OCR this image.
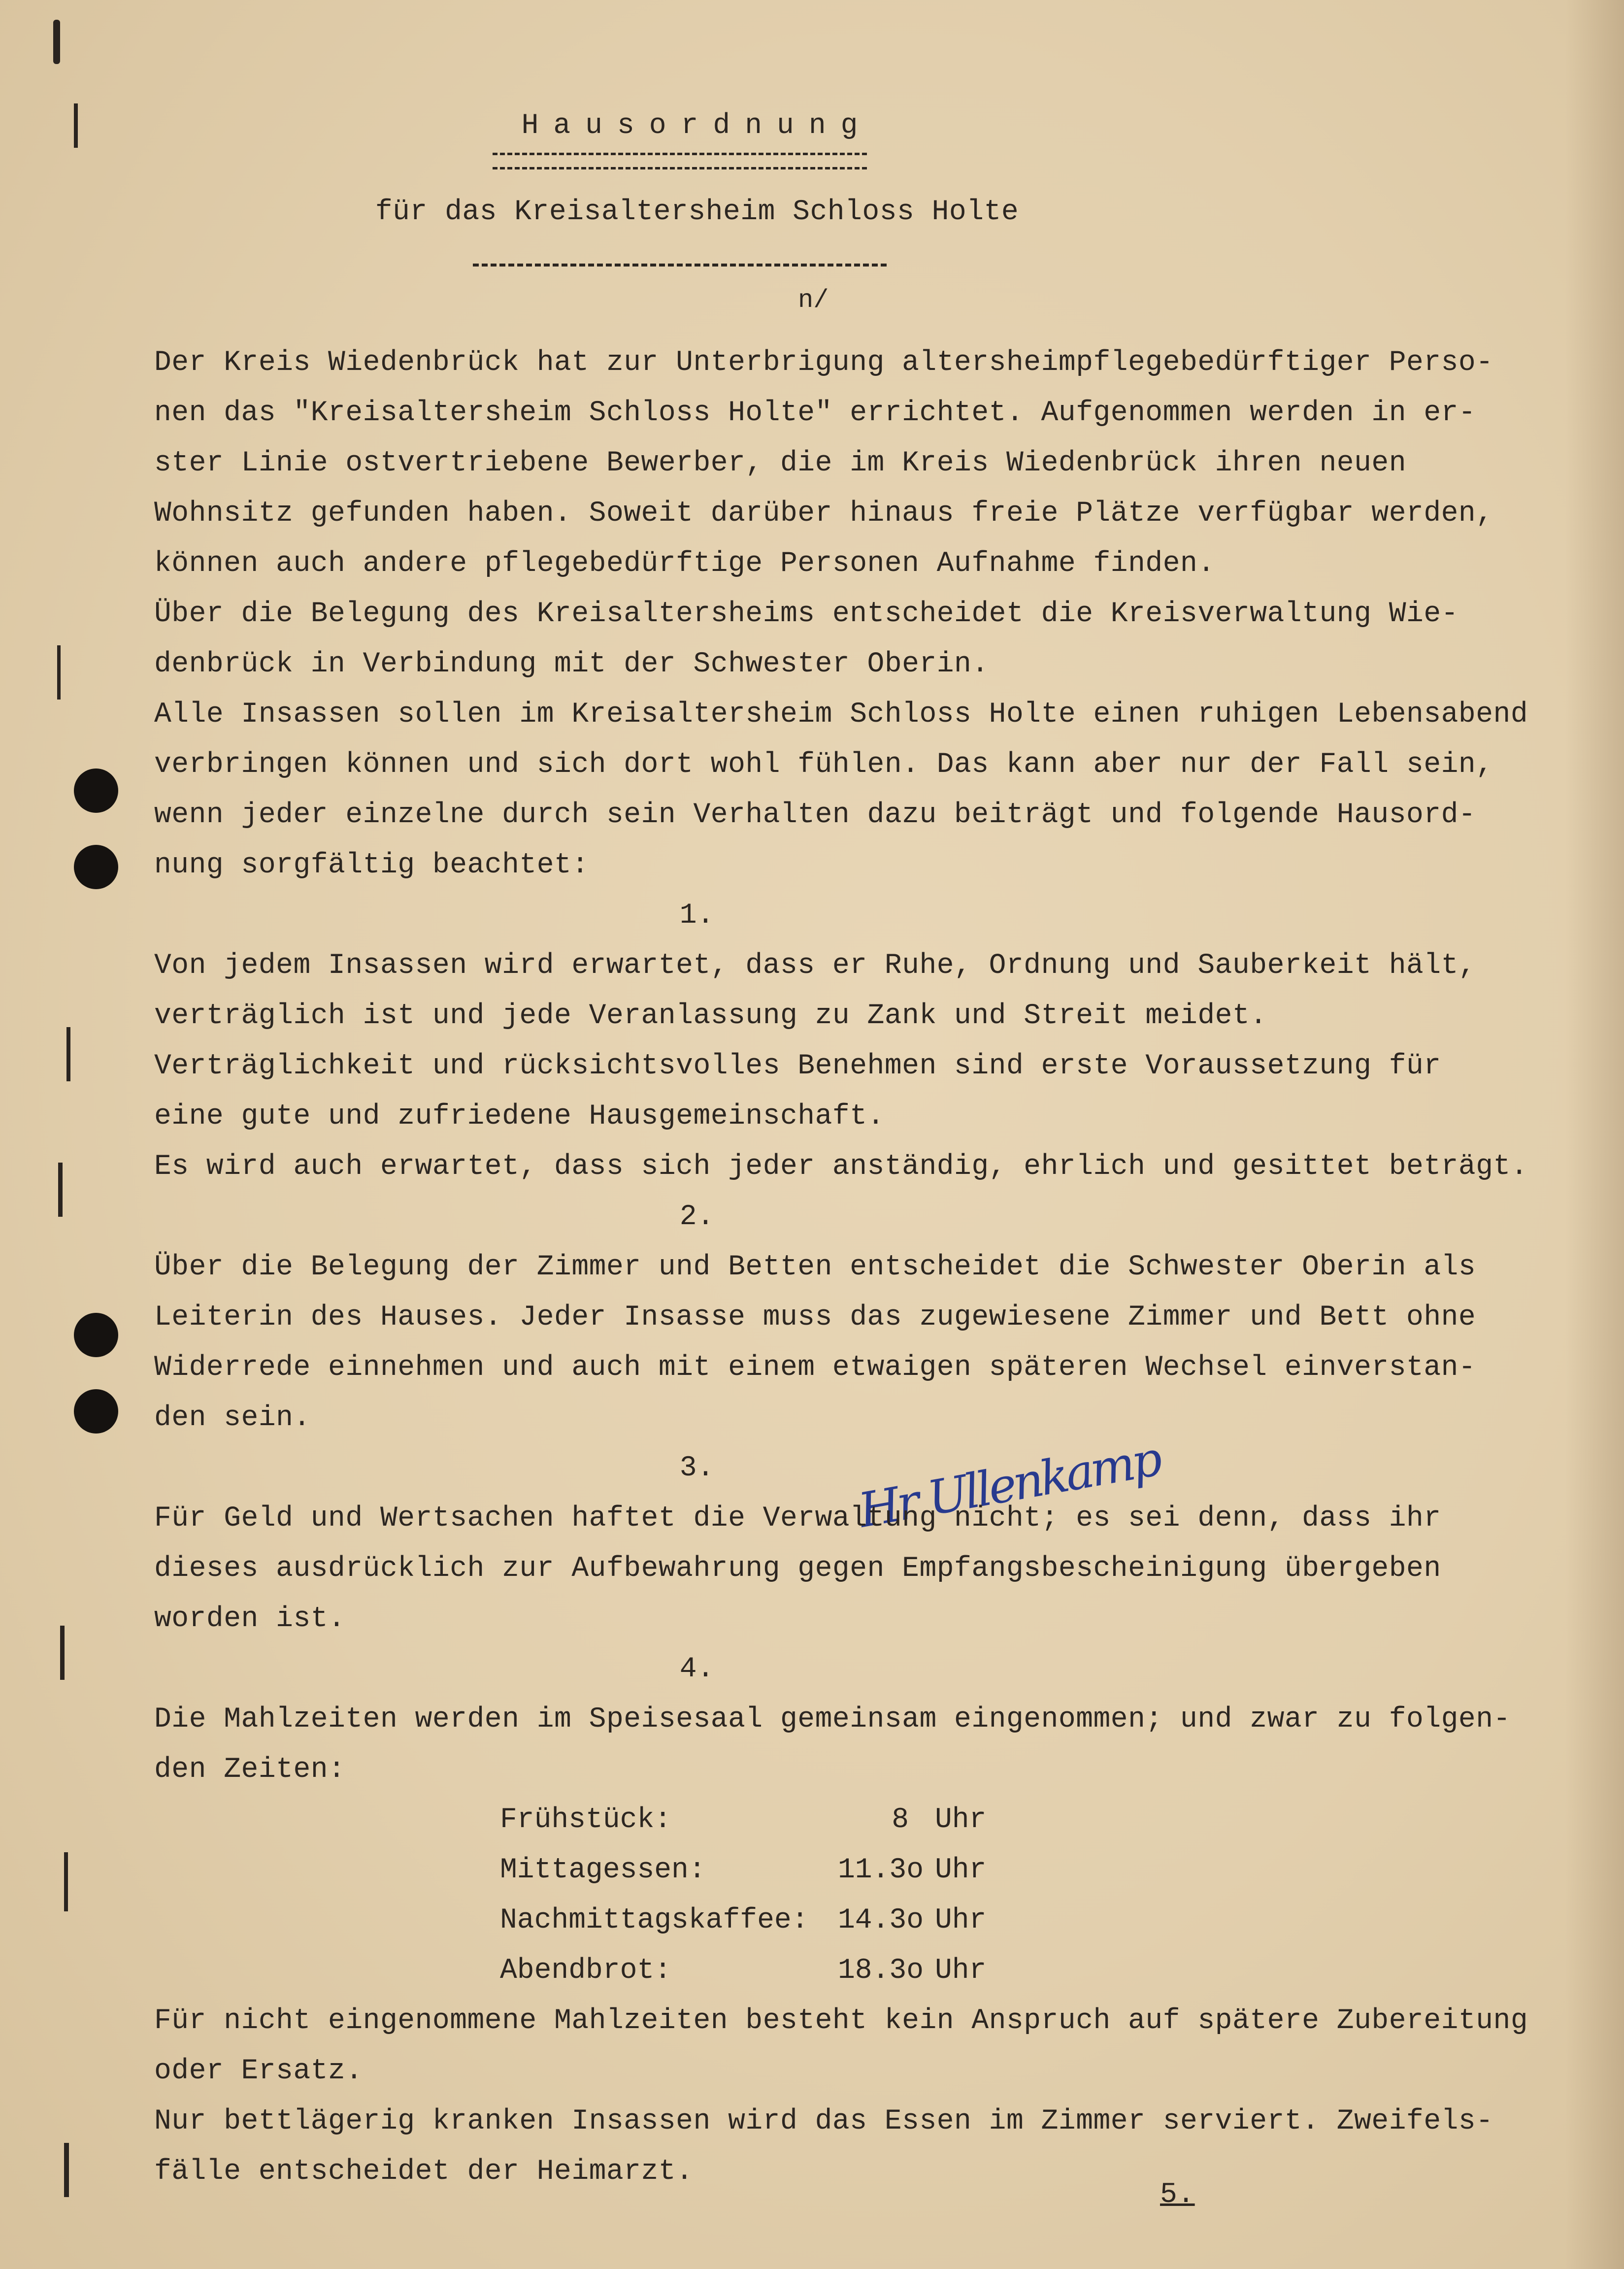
Hausordnung
für das Kreisaltersheim Schloss Holte
n/
Der Kreis Wiedenbrück hat zur Unterbrigung altersheimpflegebedürftiger Perso-
nen das "Kreisaltersheim Schloss Holte" errichtet. Aufgenommen werden in er-
ster Linie ostvertriebene Bewerber, die im Kreis Wiedenbrück ihren neuen
Wohnsitz gefunden haben. Soweit darüber hinaus freie Plätze verfügbar werden,
können auch andere pflegebedürftige Personen Aufnahme finden.
Über die Belegung des Kreisaltersheims entscheidet die Kreisverwaltung Wie-
denbrück in Verbindung mit der Schwester Oberin.
Alle Insassen sollen im Kreisaltersheim Schloss Holte einen ruhigen Lebensabend
verbringen können und sich dort wohl fühlen. Das kann aber nur der Fall sein,
wenn jeder einzelne durch sein Verhalten dazu beiträgt und folgende Hausord-
nung sorgfältig beachtet:
1.
Von jedem Insassen wird erwartet, dass er Ruhe, Ordnung und Sauberkeit hält,
verträglich ist und jede Veranlassung zu Zank und Streit meidet.
Verträglichkeit und rücksichtsvolles Benehmen sind erste Voraussetzung für
eine gute und zufriedene Hausgemeinschaft.
Es wird auch erwartet, dass sich jeder anständig, ehrlich und gesittet beträgt.
2.
Über die Belegung der Zimmer und Betten entscheidet die Schwester Oberin als
Leiterin des Hauses. Jeder Insasse muss das zugewiesene Zimmer und Bett ohne
Widerrede einnehmen und auch mit einem etwaigen späteren Wechsel einverstan-
den sein.
3.	Hr Ullenkamp
Für Geld und Wertsachen haftet die Verwaltung nicht; es sei denn, dass ihr
dieses ausdrücklich zur Aufbewahrung gegen Empfangsbescheinigung übergeben
worden ist.
4.
Die Mahlzeiten werden im Speisesaal gemeinsam eingenommen; und zwar zu folgen-
den Zeiten:
Frühstück:	8 Uhr
Mittagessen:	11.3o Uhr
Nachmittagskaffee: 14.3o Uhr
Abendbrot:	18.3o Uhr
Für nicht eingenommene Mahlzeiten besteht kein Anspruch auf spätere Zubereitung
oder Ersatz.
Nur bettlägerig kranken Insassen wird das Essen im Zimmer serviert. Zweifels-
fälle entscheidet der Heimarzt.
5.
